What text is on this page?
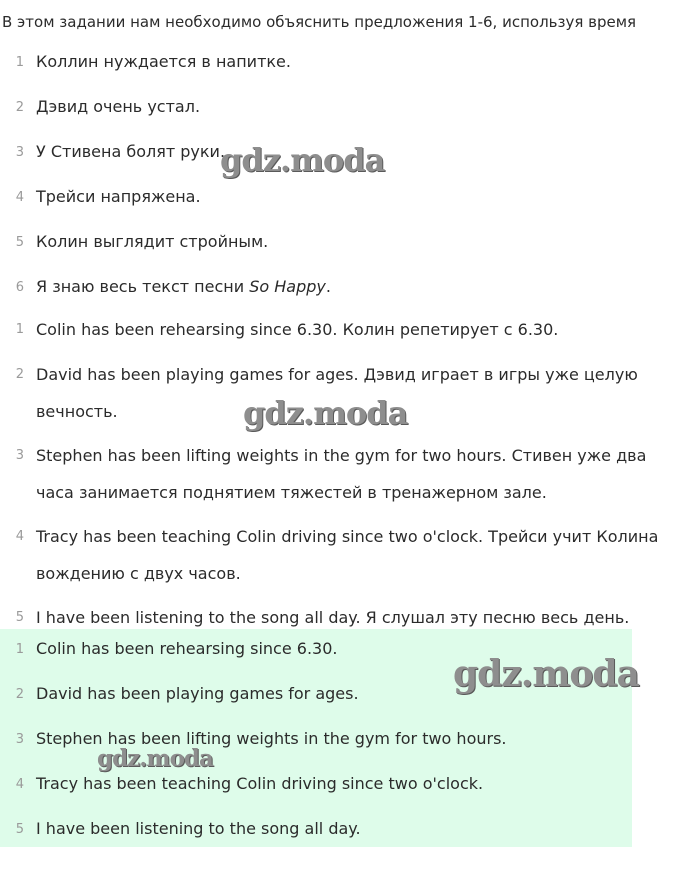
В этом задании нам необходимо объяснить предложения 1-6, используя время
1 Коллин нуждается в напитке.
2 Дэвид очень устал.
3 У Стивена болят руки.
4 Трейси напряжена.
5 Колин выглядит стройным.
6 Я знаю весь текст песни So Happy.
1 Colin has been rehearsing since 6.30. Колин репетирует с 6.30.
2 David has been playing games for ages. Дэвид играет в игры уже целую вечность.
3 Stephen has been lifting weights in the gym for two hours. Стивен уже два часа занимается поднятием тяжестей в тренажерном зале.
4 Tracy has been teaching Colin driving since two o'clock. Трейси учит Колина вождению с двух часов.
5 I have been listening to the song all day. Я слушал эту песню весь день.
1 Colin has been rehearsing since 6.30.
2 David has been playing games for ages.
3 Stephen has been lifting weights in the gym for two hours.
4 Tracy has been teaching Colin driving since two o'clock.
5 I have been listening to the song all day.
gdz.moda
gdz.moda
gdz.moda
gdz.moda
